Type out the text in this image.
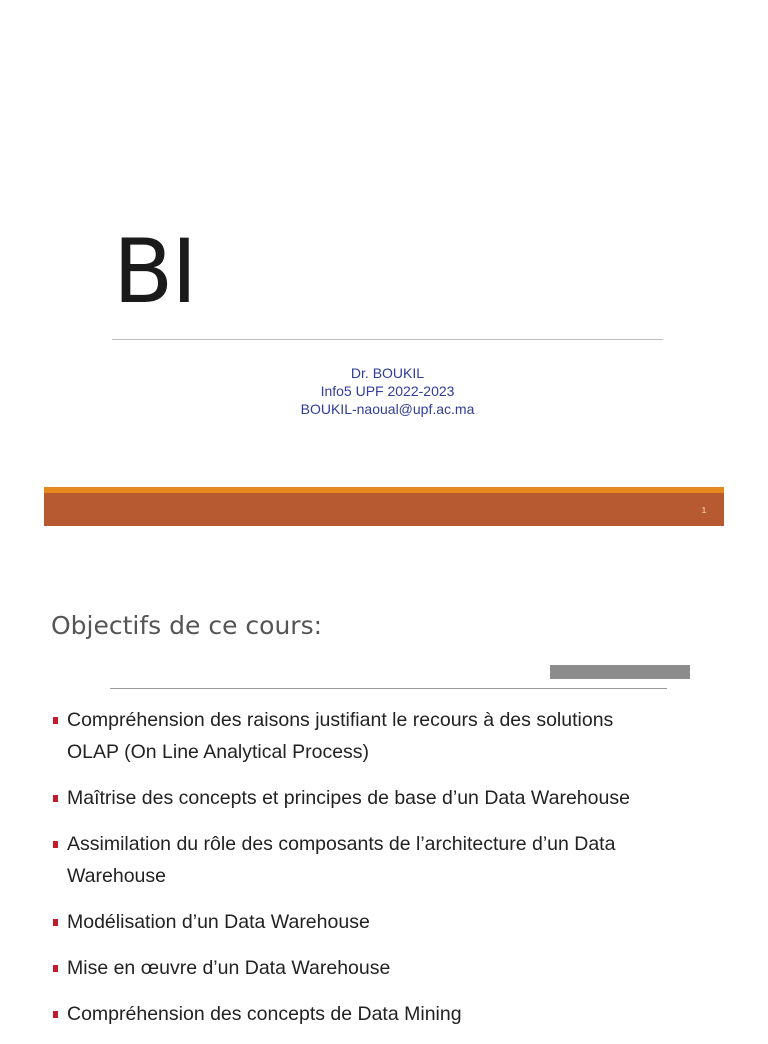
BI
Dr. BOUKIL
Info5 UPF 2022-2023
BOUKIL-naoual@upf.ac.ma
1
Objectifs de ce cours:
Compréhension des raisons justifiant le recours à des solutions
OLAP (On Line Analytical Process)
Maîtrise des concepts et principes de base d’un Data Warehouse
Assimilation du rôle des composants de l’architecture d’un Data
Warehouse
Modélisation d’un Data Warehouse
Mise en œuvre d’un Data Warehouse
Compréhension des concepts de Data Mining
